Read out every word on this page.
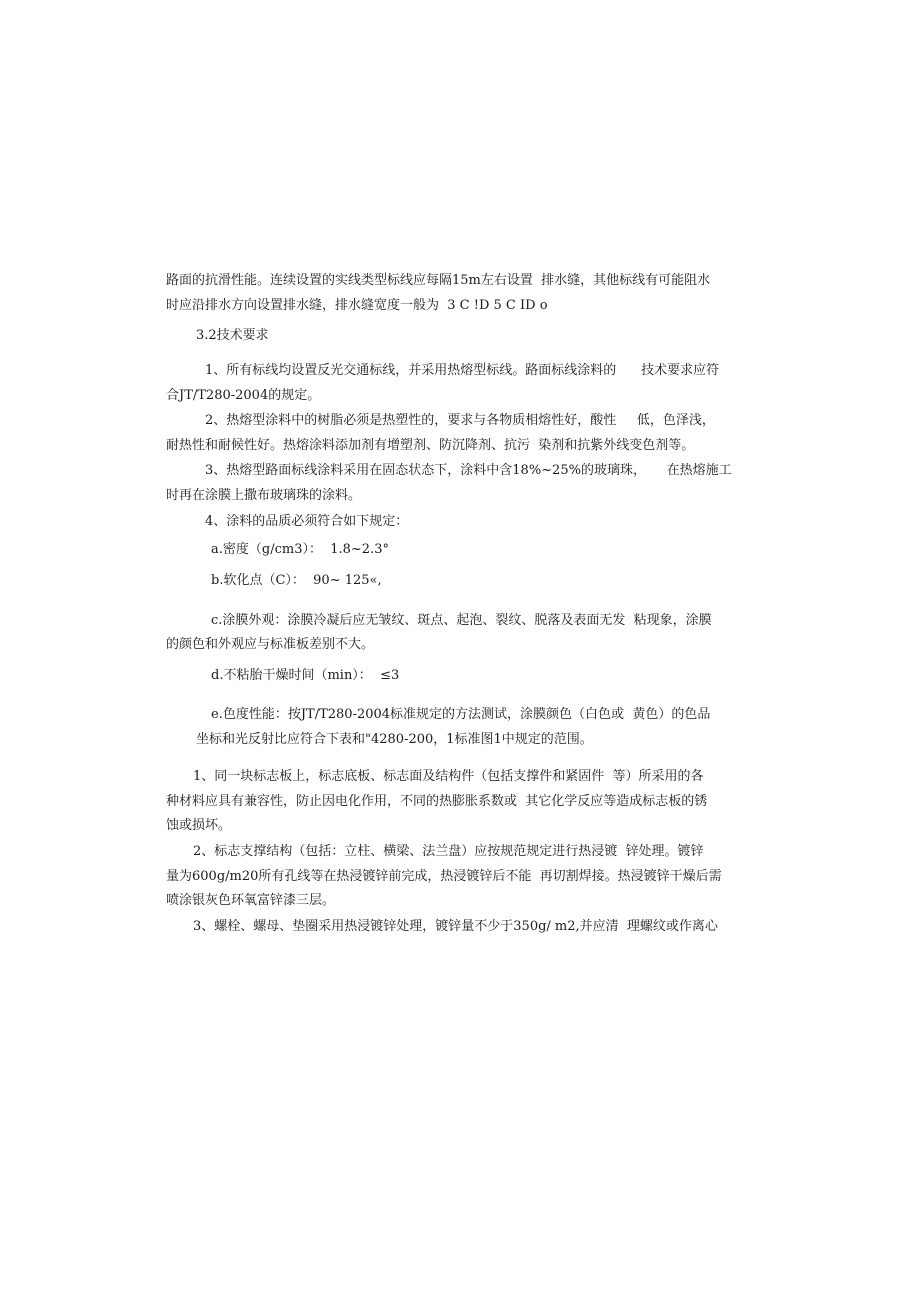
路面的抗滑性能。连续设置的实线类型标线应每隔15m左右设置  排水缝，其他标线有可能阻水
时应沿排水方向设置排水缝，排水缝宽度一般为  3 C !D 5 C ID o
3.2技术要求
1、所有标线均设置反光交通标线，并采用热熔型标线。路面标线涂料的      技术要求应符
合JT/T280-2004的规定。
2、热熔型涂料中的树脂必须是热塑性的，要求与各物质相熔性好，酸性     低，色泽浅，
耐热性和耐候性好。热熔涂料添加剂有增塑剂、防沉降剂、抗污  染剂和抗紫外线变色剂等。
3、热熔型路面标线涂料采用在固态状态下，涂料中含18%~25%的玻璃珠，     在热熔施工
时再在涂膜上撒布玻璃珠的涂料。
4、涂料的品质必须符合如下规定：
a.密度（g/cm3）：  1.8~2.3°
b.软化点（C）：  90~ 125«,
c.涂膜外观：涂膜冷凝后应无皱纹、斑点、起泡、裂纹、脱落及表面无发  粘现象，涂膜
的颜色和外观应与标准板差别不大。
d.不粘胎干燥时间（min）：  ≤3
e.色度性能：按JT/T280-2004标准规定的方法测试，涂膜颜色（白色或  黄色）的色品
坐标和光反射比应符合下表和"4280-200，1标准图1中规定的范围。
1、同一块标志板上，标志底板、标志面及结构件（包括支撑件和紧固件  等）所采用的各
种材料应具有兼容性，防止因电化作用，不同的热膨胀系数或  其它化学反应等造成标志板的锈
蚀或损坏。
2、标志支撑结构（包括：立柱、横梁、法兰盘）应按规范规定进行热浸镀  锌处理。镀锌
量为600g/m20所有孔线等在热浸镀锌前完成，热浸镀锌后不能  再切割焊接。热浸镀锌干燥后需
喷涂银灰色环氧富锌漆三层。
3、螺栓、螺母、垫圈采用热浸镀锌处理，镀锌量不少于350g/ m2,并应清  理螺纹或作离心
